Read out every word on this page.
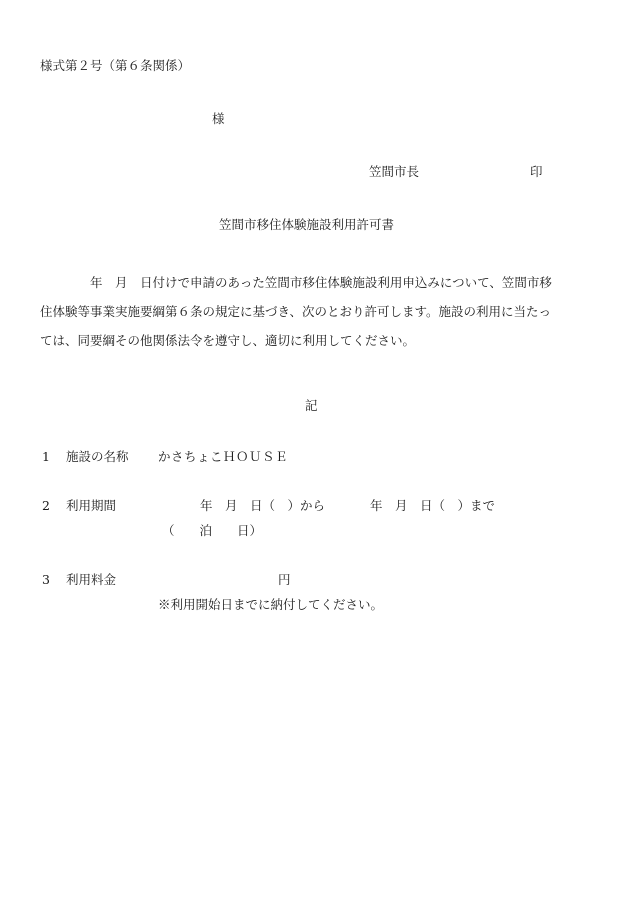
様式第２号（第６条関係）
様
笠間市長	印
笠間市移住体験施設利用許可書
年　月　日付けで申請のあった笠間市移住体験施設利用申込みについて、笠間市移
住体験等事業実施要綱第６条の規定に基づき、次のとおり許可します。施設の利用に当たっ
ては、同要綱その他関係法令を遵守し、適切に利用してください。
記
1 施設の名称 かさちょこＨＯＵＳＥ
2 利用期間	年　月　日（　）から	年　月　日（　）まで
（　　泊　　日）
3 利用料金	円
※利用開始日までに納付してください。
